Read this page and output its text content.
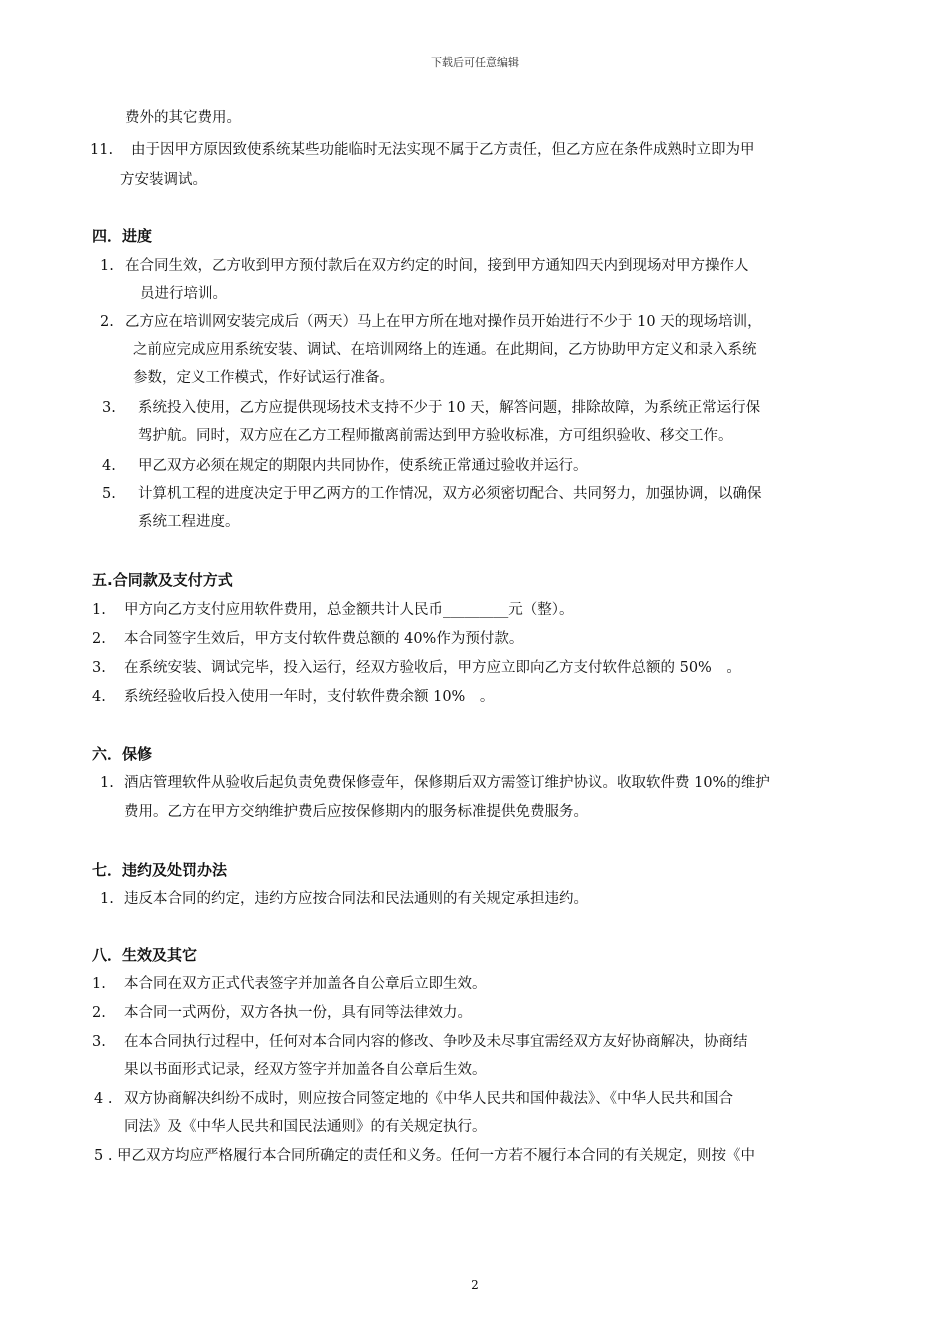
下载后可任意编辑
费外的其它费用。
11. 由于因甲方原因致使系统某些功能临时无法实现不属于乙方责任，但乙方应在条件成熟时立即为甲
方安装调试。
四．进度
1. 在合同生效，乙方收到甲方预付款后在双方约定的时间，接到甲方通知四天内到现场对甲方操作人
员进行培训。
2. 乙方应在培训网安装完成后（两天）马上在甲方所在地对操作员开始进行不少于 10 天的现场培训，
之前应完成应用系统安装、调试、在培训网络上的连通。在此期间，乙方协助甲方定义和录入系统
参数，定义工作模式，作好试运行准备。
3. 系统投入使用，乙方应提供现场技术支持不少于 10 天，解答问题，排除故障，为系统正常运行保
驾护航。同时，双方应在乙方工程师撤离前需达到甲方验收标准，方可组织验收、移交工作。
4. 甲乙双方必须在规定的期限内共同协作，使系统正常通过验收并运行。
5. 计算机工程的进度决定于甲乙两方的工作情况，双方必须密切配合、共同努力，加强协调，以确保
系统工程进度。
五.合同款及支付方式
1. 甲方向乙方支付应用软件费用，总金额共计人民币_________元（整）。
2. 本合同签字生效后，甲方支付软件费总额的 40%作为预付款。
3. 在系统安装、调试完毕，投入运行，经双方验收后，甲方应立即向乙方支付软件总额的 50%　。
4. 系统经验收后投入使用一年时，支付软件费余额 10%　。
六．保修
1. 酒店管理软件从验收后起负责免费保修壹年，保修期后双方需签订维护协议。收取软件费 10%的维护
费用。乙方在甲方交纳维护费后应按保修期内的服务标准提供免费服务。
七．违约及处罚办法
1. 违反本合同的约定，违约方应按合同法和民法通则的有关规定承担违约。
八．生效及其它
1. 本合同在双方正式代表签字并加盖各自公章后立即生效。
2. 本合同一式两份，双方各执一份，具有同等法律效力。
3. 在本合同执行过程中，任何对本合同内容的修改、争吵及未尽事宜需经双方友好协商解决，协商结
果以书面形式记录，经双方签字并加盖各自公章后生效。
4 . 双方协商解决纠纷不成时，则应按合同签定地的《中华人民共和国仲裁法》、《中华人民共和国合
同法》及《中华人民共和国民法通则》的有关规定执行。
5 . 甲乙双方均应严格履行本合同所确定的责任和义务。任何一方若不履行本合同的有关规定，则按《中
2
